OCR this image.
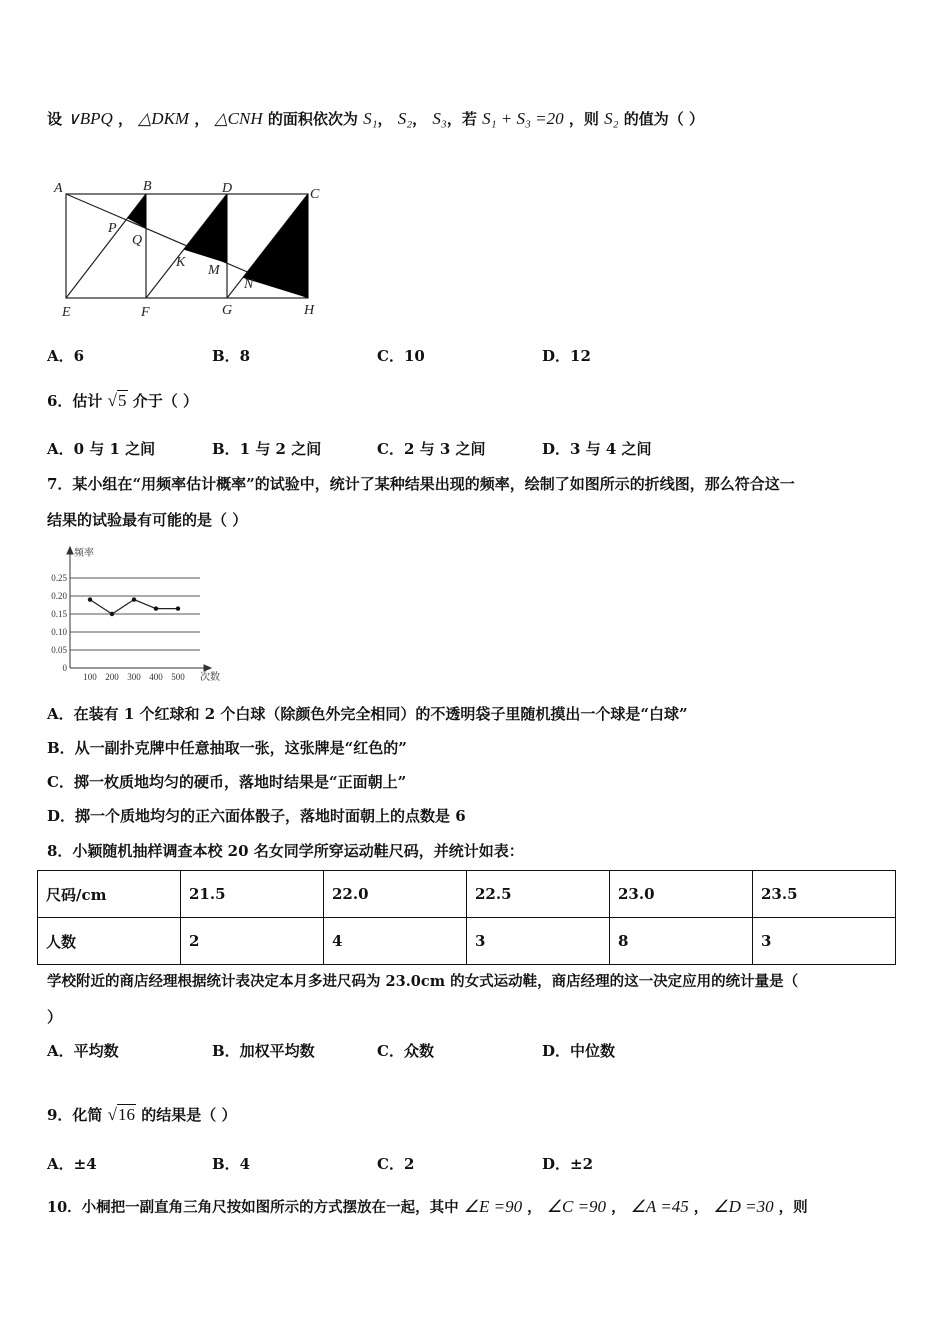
设 ∨BPQ ， △DKM ， △CNH 的面积依次为 S₁， S₂， S₃，若 S₁ + S₃ =20 ，则 S₂ 的值为（ ）
A	B	D	C
P
Q
K
M
N
E	F	G	H
A．6	B．8	C．10	D．12
6．估计 √5 介于（ ）
A．0 与 1 之间	B．1 与 2 之间	C．2 与 3 之间	D．3 与 4 之间
7．某小组在“用频率估计概率”的试验中，统计了某种结果出现的频率，绘制了如图所示的折线图，那么符合这一
结果的试验最有可能的是（ ）
频率
次数
0
0.05
0.10
0.15
0.20
0.25
100 200 300 400 500
A．在装有 1 个红球和 2 个白球（除颜色外完全相同）的不透明袋子里随机摸出一个球是“白球”
B．从一副扑克牌中任意抽取一张，这张牌是“红色的”
C．掷一枚质地均匀的硬币，落地时结果是“正面朝上”
D．掷一个质地均匀的正六面体骰子，落地时面朝上的点数是 6
8．小颖随机抽样调查本校 20 名女同学所穿运动鞋尺码，并统计如表：
尺码/cm	21.5	22.0	22.5	23.0	23.5
人数	2	4	3	8	3
学校附近的商店经理根据统计表决定本月多进尺码为 23.0cm 的女式运动鞋，商店经理的这一决定应用的统计量是（
）
A．平均数	B．加权平均数	C．众数	D．中位数
9．化简 √16 的结果是（ ）
A．±4	B．4	C．2	D．±2
10．小桐把一副直角三角尺按如图所示的方式摆放在一起，其中 ∠E =90 ， ∠C =90 ， ∠A =45 ， ∠D =30 ，则
